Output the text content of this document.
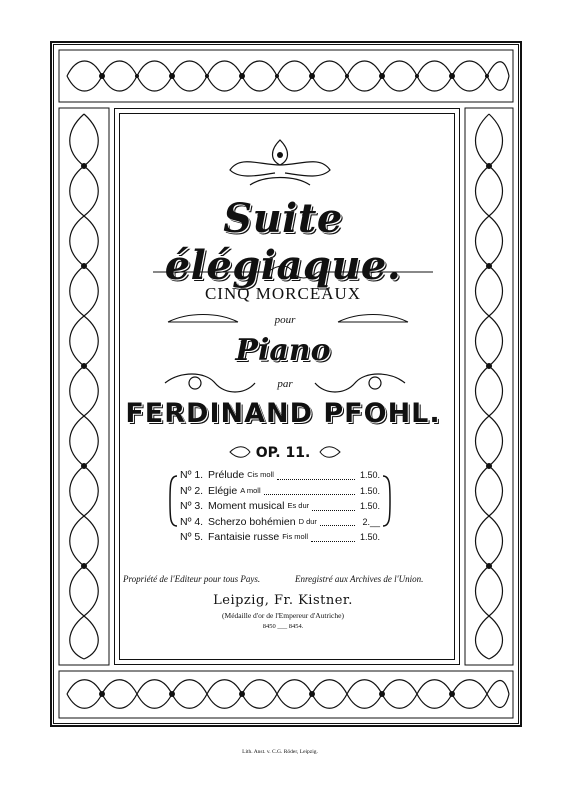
Suite élégiaque.
CINQ MORCEAUX
pour
Piano
par
FERDINAND PFOHL.
OP. 11.
Nº 1. Prélude Cis moll	1.50.
Nº 2. Elégie A moll	1.50.
Nº 3. Moment musical Es dur	1.50.
Nº 4. Scherzo bohémien D dur	2.__
Nº 5. Fantaisie russe Fis moll	1.50.
Propriété de l'Editeur pour tous Pays.	Enregistré aux Archives de l'Union.
Leipzig, Fr. Kistner.
(Médaille d'or de l'Empereur d'Autriche)
8450 ___ 8454.
Lith. Anst. v. C.G. Röder, Leipzig.
